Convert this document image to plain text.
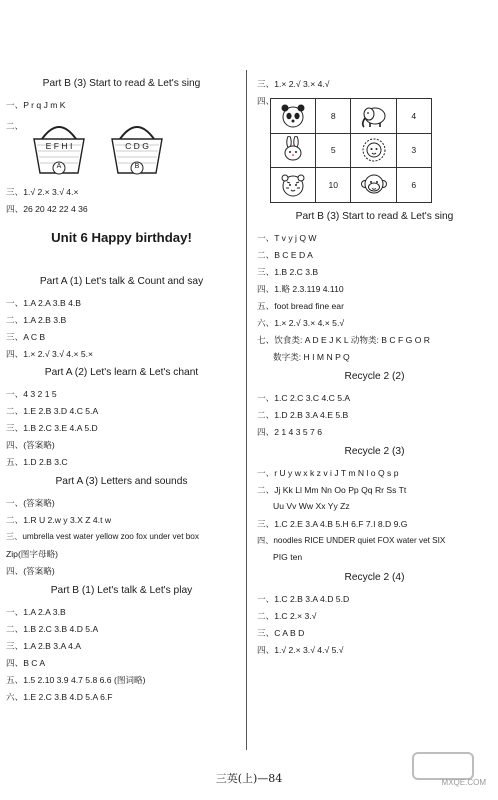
Part B (3) Start to read & Let's sing
一、P r q J m K
二、
E F H I
A
C D G
B
三、1.√ 2.× 3.√ 4.×
四、26 20 42 22 4 36
Unit 6 Happy birthday!
Part A (1) Let's talk & Count and say
一、1.A 2.A 3.B 4.B
二、1.A 2.B 3.B
三、A C B
四、1.× 2.√ 3.√ 4.× 5.×
Part A (2) Let's learn & Let's chant
一、4 3 2 1 5
二、1.E 2.B 3.D 4.C 5.A
三、1.B 2.C 3.E 4.A 5.D
四、(答案略)
五、1.D 2.B 3.C
Part A (3) Letters and sounds
一、(答案略)
二、1.R U 2.w y 3.X Z 4.t w
三、umbrella vest water yellow zoo fox under vet box
Zip(图字母略)
四、(答案略)
Part B (1) Let's talk & Let's play
一、1.A 2.A 3.B
二、1.B 2.C 3.B 4.D 5.A
三、1.A 2.B 3.A 4.A
四、B C A
五、1.5 2.10 3.9 4.7 5.8 6.6 (图词略)
六、1.E 2.C 3.B 4.D 5.A 6.F
三、1.× 2.√ 3.× 4.√
四、
Part B (3) Start to read & Let's sing
一、T v y j Q W
二、B C E D A
三、1.B 2.C 3.B
四、1.略 2.3.119 4.110
五、foot bread fine ear
六、1.× 2.√ 3.× 4.× 5.√
七、饮食类: A D E J K L 动物类: B C F G O R
数字类: H I M N P Q
Recycle 2 (2)
一、1.C 2.C 3.C 4.C 5.A
二、1.D 2.B 3.A 4.E 5.B
四、2 1 4 3 5 7 6
Recycle 2 (3)
一、r U y w x k z v i J T m N l o Q s p
二、Jj Kk Ll Mm Nn Oo Pp Qq Rr Ss Tt
Uu Vv Ww Xx Yy Zz
三、1.C 2.E 3.A 4.B 5.H 6.F 7.I 8.D 9.G
四、noodles RICE UNDER quiet FOX water vet SIX
PIG ten
Recycle 2 (4)
一、1.C 2.B 3.A 4.D 5.D
二、1.C 2.× 3.√
三、C A B D
四、1.√ 2.× 3.√ 4.√ 5.√
	8		4

	5		3

	10		6
三英(上)—84	MXQE.COM
